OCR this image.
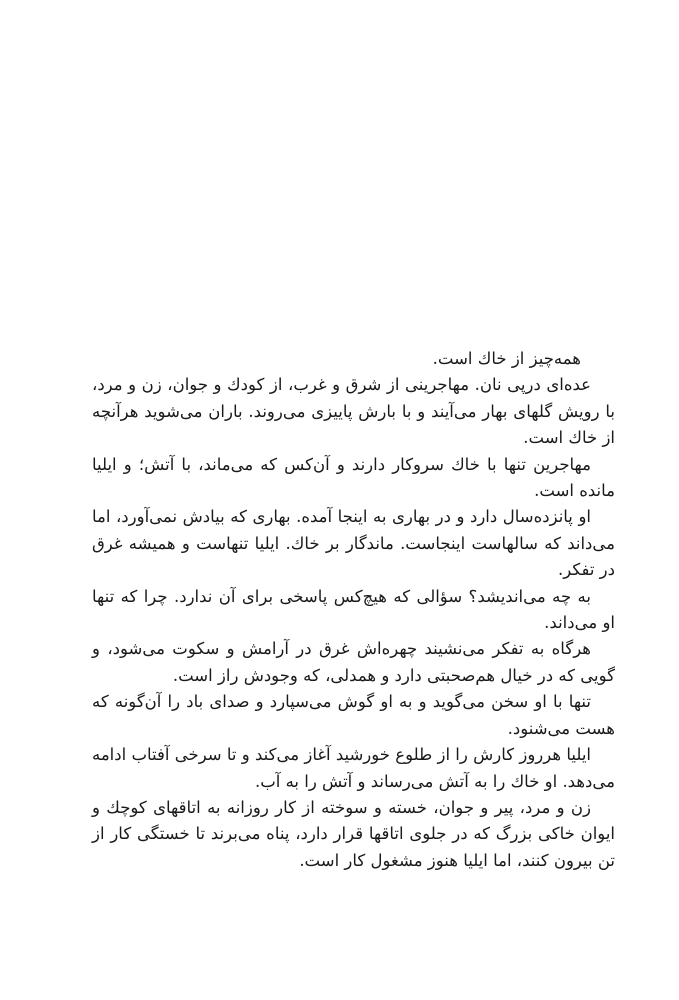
همه‌چیز از خاك است.

عده‌ای درپی نان. مهاجرینی از شرق و غرب، از کودك و جوان، زن و مرد، با رویش گلهای بهار می‌آیند و با بارش پاییزی می‌روند. باران می‌شوید هرآنچه از خاك است.

مهاجرین تنها با خاك سروکار دارند و آن‌کس که می‌ماند، با آتش؛ و ایلیا مانده است.

او پانزده‌سال دارد و در بهاری به اینجا آمده. بهاری که بیادش نمی‌آورد، اما می‌داند که سالهاست اینجاست. ماندگار بر خاك. ایلیا تنهاست و همیشه غرق در تفکر.

به چه می‌اندیشد؟ سؤالی که هیچ‌کس پاسخی برای آن ندارد. چرا که تنها او می‌داند.

هرگاه به تفکر می‌نشیند چهره‌اش غرق در آرامش و سکوت می‌شود، و گویی که در خیال هم‌صحبتی دارد و همدلی، که وجودش راز است.

تنها با او سخن می‌گوید و به او گوش می‌سپارد و صدای باد را آن‌گونه که هست می‌شنود.

ایلیا هرروز کارش را از طلوع خورشید آغاز می‌کند و تا سرخی آفتاب ادامه می‌دهد. او خاك را به آتش می‌رساند و آتش را به آب.

زن و مرد، پیر و جوان، خسته و سوخته از کار روزانه به اتاقهای کوچك و ایوان خاکی بزرگ که در جلوی اتاقها قرار دارد، پناه می‌برند تا خستگی کار از تن بیرون کنند، اما ایلیا هنوز مشغول کار است.
